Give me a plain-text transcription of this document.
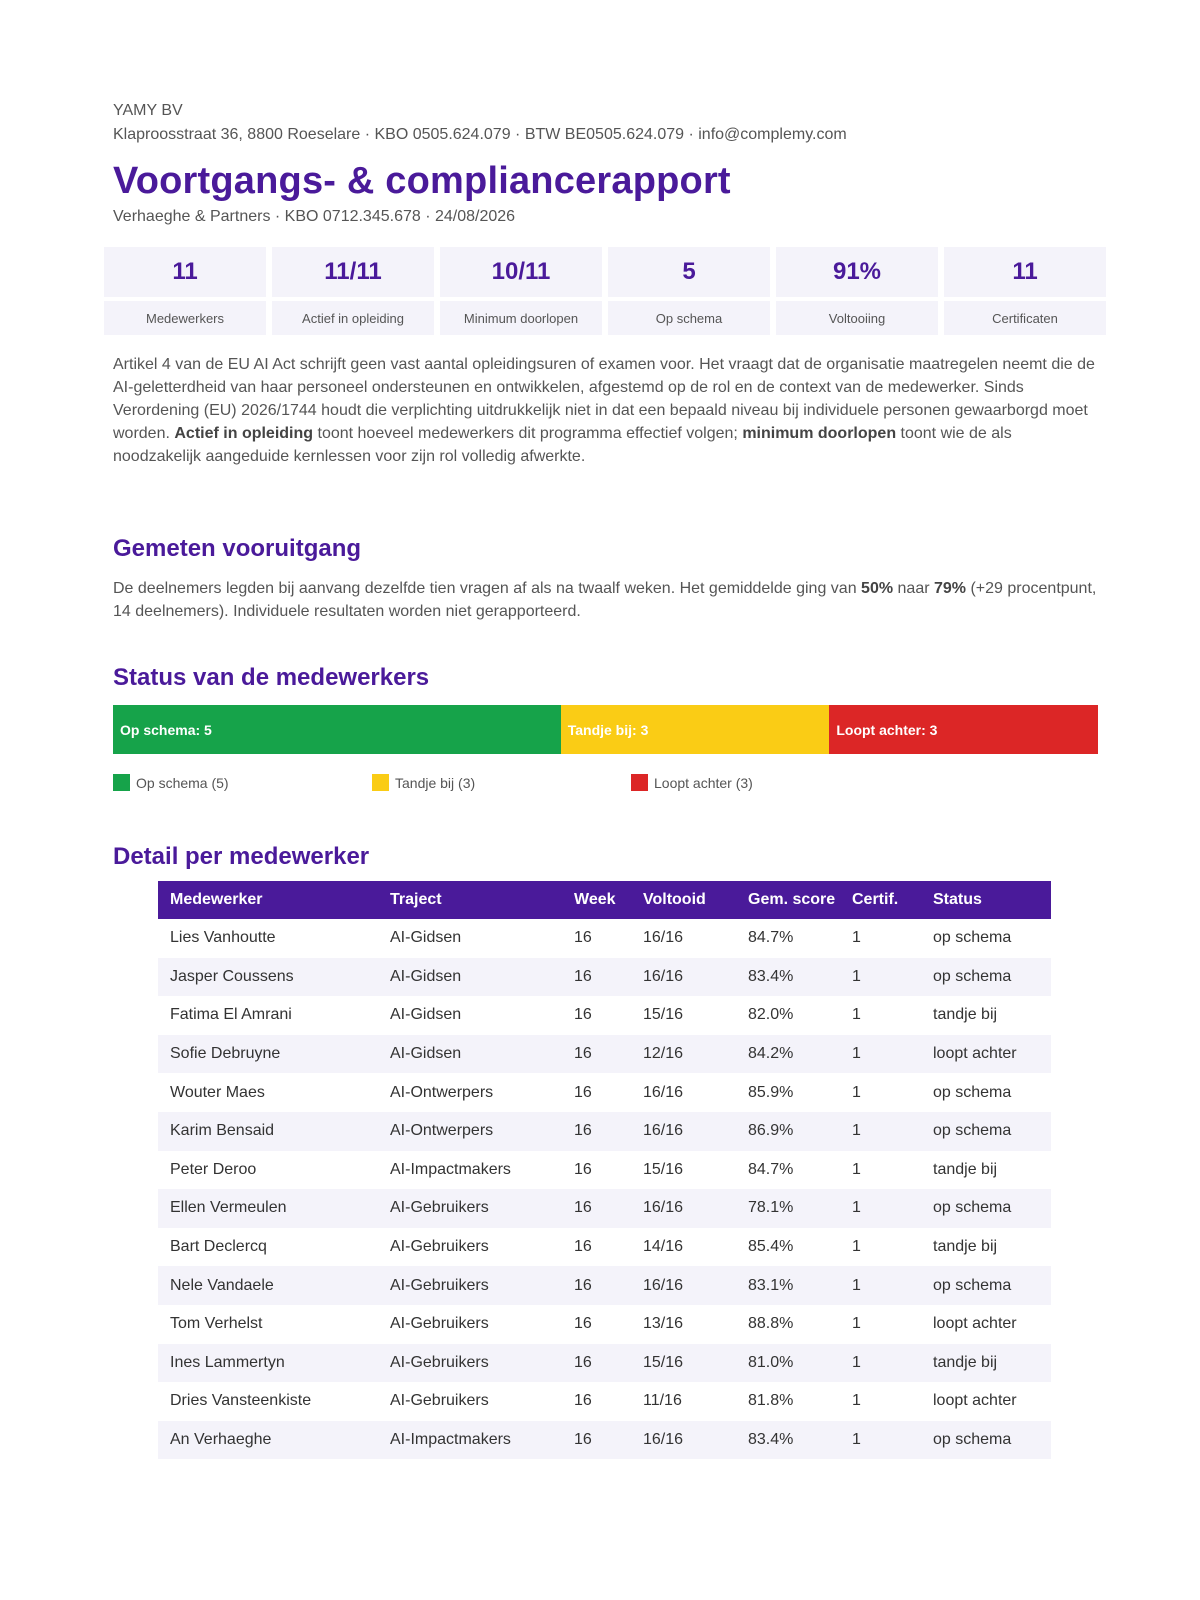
YAMY BV
Klaproosstraat 36, 8800 Roeselare · KBO 0505.624.079 · BTW BE0505.624.079 · info@complemy.com
Voortgangs- & compliancerapport
Verhaeghe & Partners · KBO 0712.345.678 · 24/08/2026
11
Medewerkers
11/11
Actief in opleiding
10/11
Minimum doorlopen
5
Op schema
91%
Voltooiing
11
Certificaten

Artikel 4 van de EU AI Act schrijft geen vast aantal opleidingsuren of examen voor. Het vraagt dat de organisatie maatregelen neemt die de AI-geletterdheid van haar personeel ondersteunen en ontwikkelen, afgestemd op de rol en de context van de medewerker. Sinds Verordening (EU) 2026/1744 houdt die verplichting uitdrukkelijk niet in dat een bepaald niveau bij individuele personen gewaarborgd moet worden. Actief in opleiding toont hoeveel medewerkers dit programma effectief volgen; minimum doorlopen toont wie de als noodzakelijk aangeduide kernlessen voor zijn rol volledig afwerkte.

Gemeten vooruitgang

De deelnemers legden bij aanvang dezelfde tien vragen af als na twaalf weken. Het gemiddelde ging van 50% naar 79% (+29 procentpunt, 14 deelnemers). Individuele resultaten worden niet gerapporteerd.

Status van de medewerkers
Op schema: 5	Tandje bij: 3	Loopt achter: 3
Op schema (5)	Tandje bij (3)	Loopt achter (3)
Detail per medewerker
Medewerker	Traject	Week	Voltooid	Gem. score	Certif.	Status
Lies Vanhoutte	AI-Gidsen	16	16/16	84.7%	1	op schema
Jasper Coussens	AI-Gidsen	16	16/16	83.4%	1	op schema
Fatima El Amrani	AI-Gidsen	16	15/16	82.0%	1	tandje bij
Sofie Debruyne	AI-Gidsen	16	12/16	84.2%	1	loopt achter
Wouter Maes	AI-Ontwerpers	16	16/16	85.9%	1	op schema
Karim Bensaid	AI-Ontwerpers	16	16/16	86.9%	1	op schema
Peter Deroo	AI-Impactmakers	16	15/16	84.7%	1	tandje bij
Ellen Vermeulen	AI-Gebruikers	16	16/16	78.1%	1	op schema
Bart Declercq	AI-Gebruikers	16	14/16	85.4%	1	tandje bij
Nele Vandaele	AI-Gebruikers	16	16/16	83.1%	1	op schema
Tom Verhelst	AI-Gebruikers	16	13/16	88.8%	1	loopt achter
Ines Lammertyn	AI-Gebruikers	16	15/16	81.0%	1	tandje bij
Dries Vansteenkiste	AI-Gebruikers	16	11/16	81.8%	1	loopt achter
An Verhaeghe	AI-Impactmakers	16	16/16	83.4%	1	op schema
